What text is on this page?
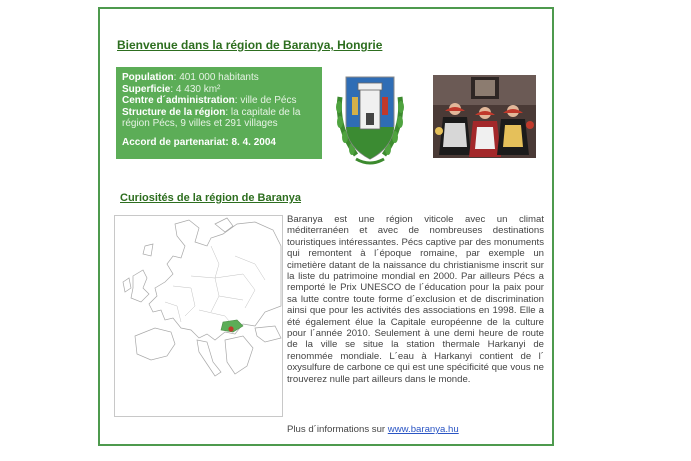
Bienvenue dans la région de Baranya, Hongrie
Population: 401 000 habitants
Superficie: 4 430 km²
Centre d´administration: ville de Pécs
Structure de la région: la capitale de la région Pécs, 9 villes et 291 villages
Accord de partenariat: 8. 4. 2004
Curiosités de la région de Baranya
Baranya est une région viticole avec un climat méditerranéen et avec de nombreuses destinations touristiques intéressantes. Pécs captive par des monuments qui remontent à l´époque romaine, par exemple un cimetière datant de la naissance du christianisme inscrit sur la liste du patrimoine mondial en 2000. Par ailleurs Pécs a remporté le Prix UNESCO de l´éducation pour la paix pour sa lutte contre toute forme d´exclusion et de discrimination ainsi que pour les activités des associations en 1998. Elle a été également élue la Capitale européenne de la culture pour l´année 2010. Seulement à une demi heure de route de la ville se situe la station thermale Harkanyi de renommée mondiale. L´eau à Harkanyi contient de l´ oxysulfure de carbone ce qui est une spécificité que vous ne trouverez nulle part ailleurs dans le monde.
Plus d´informations sur www.baranya.hu
